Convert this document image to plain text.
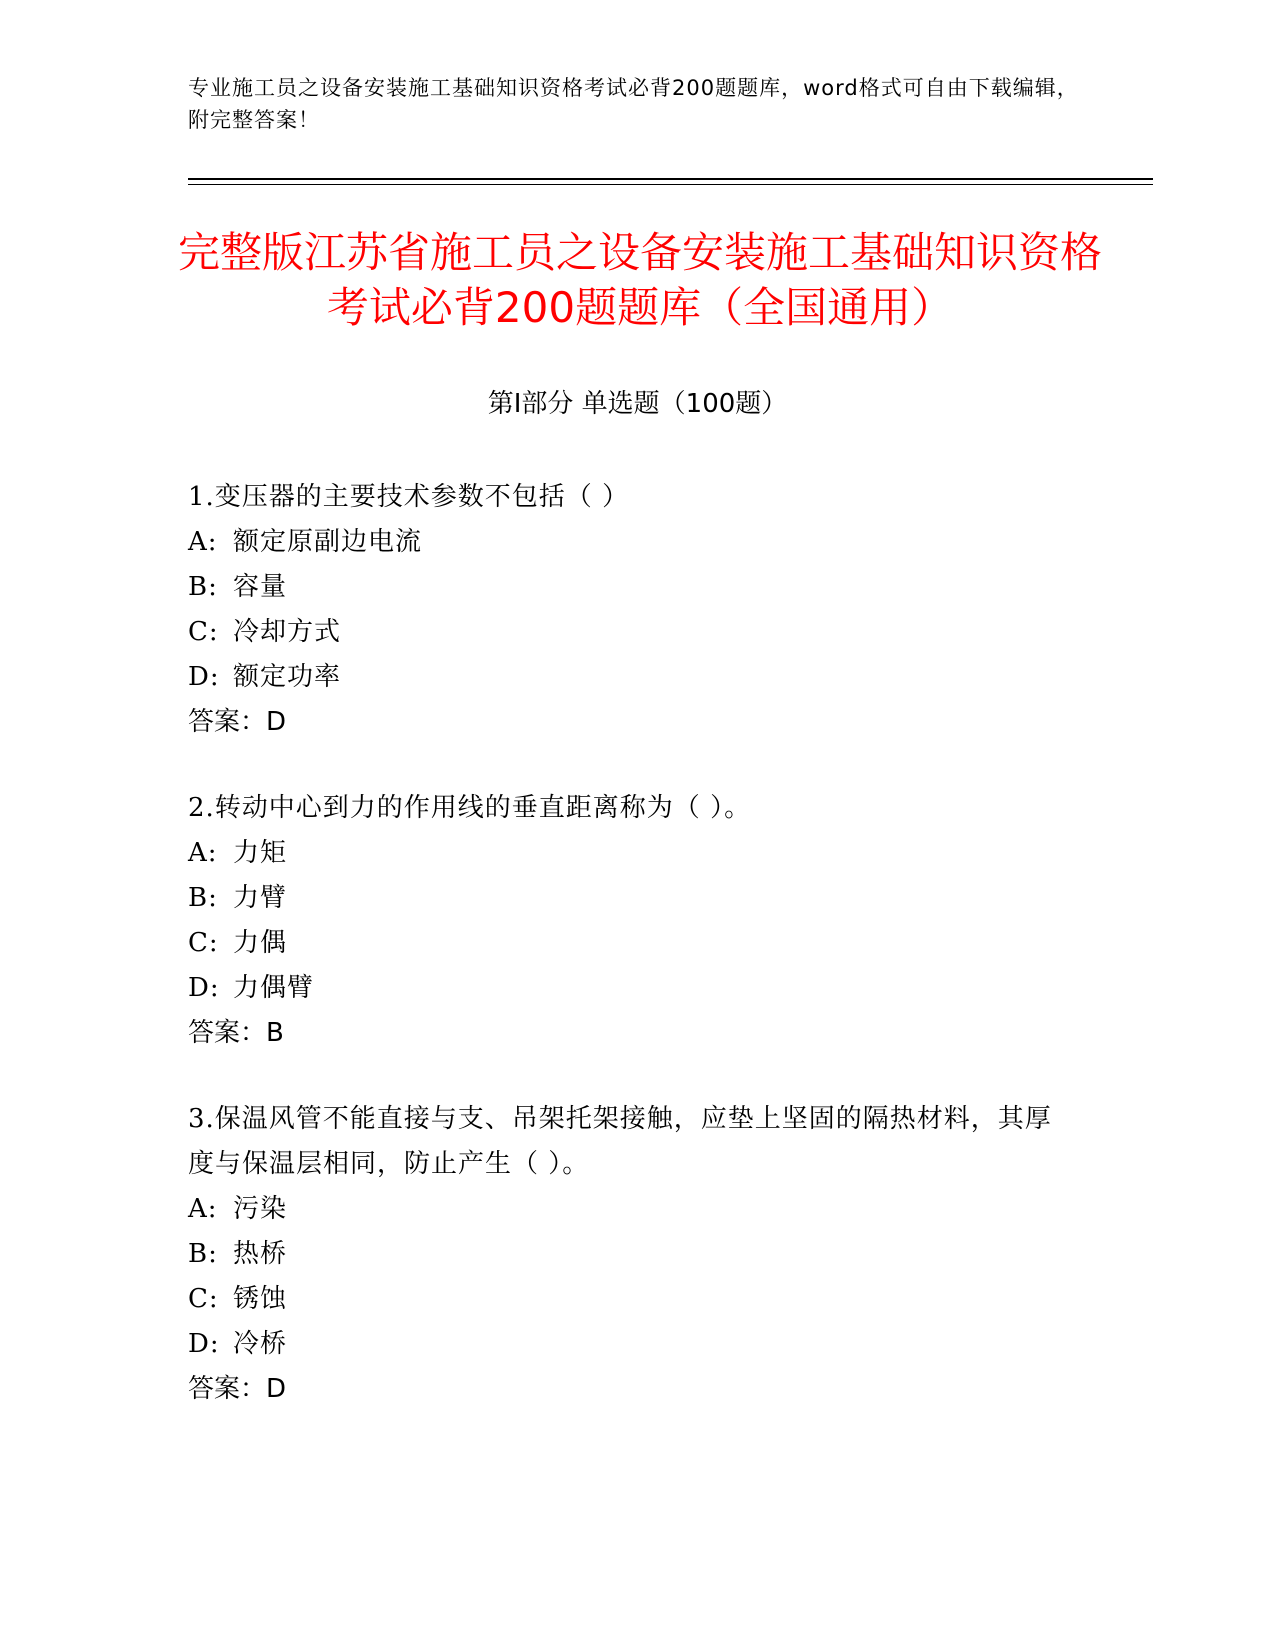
专业施工员之设备安装施工基础知识资格考试必背200题题库，word格式可自由下载编辑，附完整答案！
完整版江苏省施工员之设备安装施工基础知识资格考试必背200题题库（全国通用）
第Ⅰ部分 单选题（100题）
1.变压器的主要技术参数不包括（ ）
A: 额定原副边电流
B: 容量
C: 冷却方式
D: 额定功率
答案：D
2.转动中心到力的作用线的垂直距离称为（ ）。
A: 力矩
B: 力臂
C: 力偶
D: 力偶臂
答案：B
3.保温风管不能直接与支、吊架托架接触，应垫上坚固的隔热材料，其厚度与保温层相同，防止产生（ ）。
A: 污染
B: 热桥
C: 锈蚀
D: 冷桥
答案：D
